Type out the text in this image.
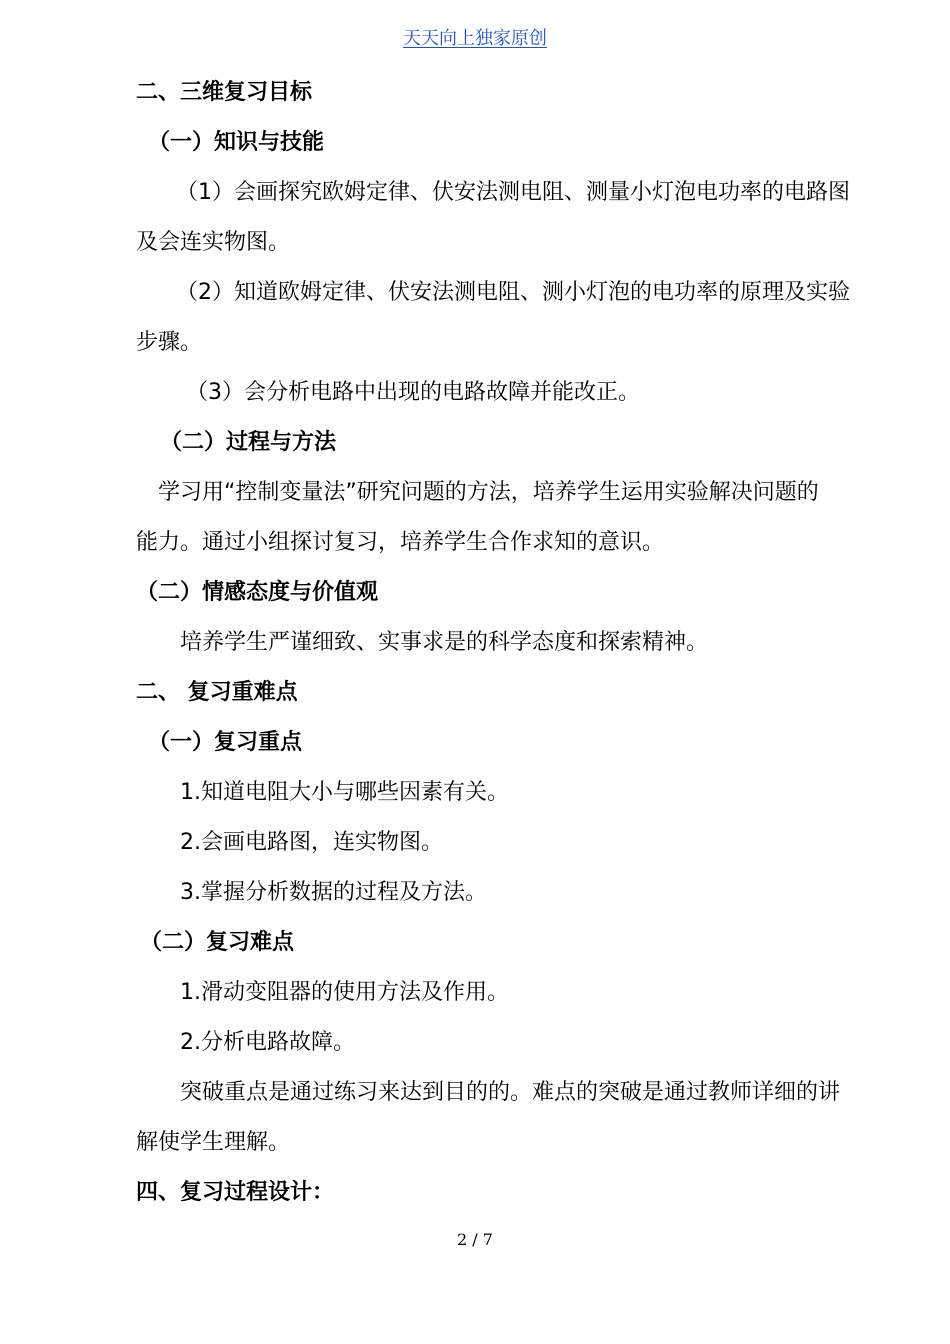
天天向上独家原创
二、三维复习目标
（一）知识与技能
（1）会画探究欧姆定律、伏安法测电阻、测量小灯泡电功率的电路图
及会连实物图。
（2）知道欧姆定律、伏安法测电阻、测小灯泡的电功率的原理及实验
步骤。
（3）会分析电路中出现的电路故障并能改正。
（二）过程与方法
学习用“控制变量法”研究问题的方法，培养学生运用实验解决问题的
能力。通过小组探讨复习，培养学生合作求知的意识。
（二）情感态度与价值观
培养学生严谨细致、实事求是的科学态度和探索精神。
二、 复习重难点
（一）复习重点
1.知道电阻大小与哪些因素有关。
2.会画电路图，连实物图。
3.掌握分析数据的过程及方法。
（二）复习难点
1.滑动变阻器的使用方法及作用。
2.分析电路故障。
突破重点是通过练习来达到目的的。难点的突破是通过教师详细的讲
解使学生理解。
四、复习过程设计：
2 / 7
